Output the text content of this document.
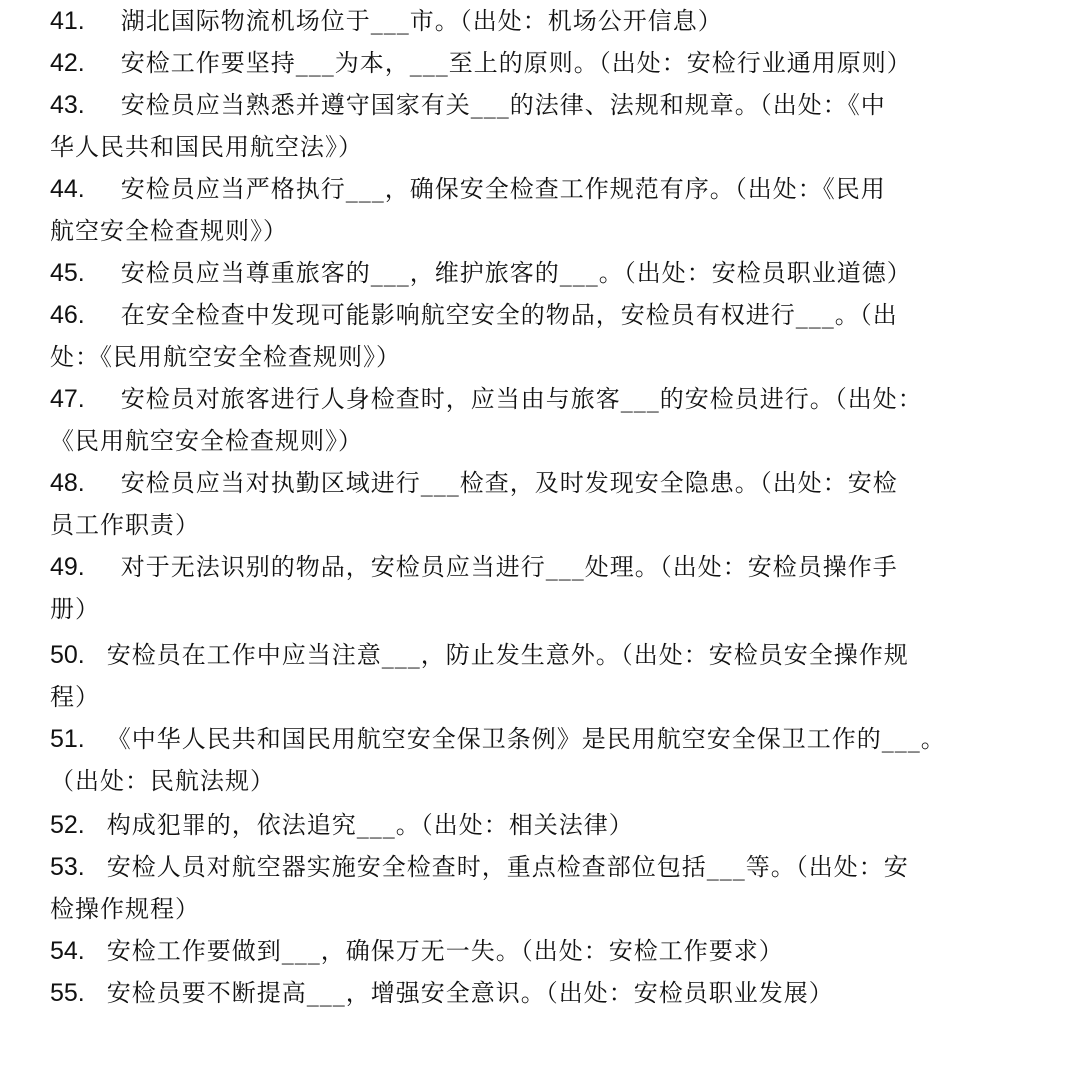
41. 湖北国际物流机场位于___市。（出处：机场公开信息）
42. 安检工作要坚持___为本，___至上的原则。（出处：安检行业通用原则）
43. 安检员应当熟悉并遵守国家有关___的法律、法规和规章。（出处：《中
华人民共和国民用航空法》）
44. 安检员应当严格执行___，确保安全检查工作规范有序。（出处：《民用
航空安全检查规则》）
45. 安检员应当尊重旅客的___，维护旅客的___。（出处：安检员职业道德）
46. 在安全检查中发现可能影响航空安全的物品，安检员有权进行___。（出
处：《民用航空安全检查规则》）
47. 安检员对旅客进行人身检查时，应当由与旅客___的安检员进行。（出处：
《民用航空安全检查规则》）
48. 安检员应当对执勤区域进行___检查，及时发现安全隐患。（出处：安检
员工作职责）
49. 对于无法识别的物品，安检员应当进行___处理。（出处：安检员操作手
册）
50. 安检员在工作中应当注意___，防止发生意外。（出处：安检员安全操作规
程）
51. 《中华人民共和国民用航空安全保卫条例》是民用航空安全保卫工作的___。
（出处：民航法规）
52. 构成犯罪的，依法追究___。（出处：相关法律）
53. 安检人员对航空器实施安全检查时，重点检查部位包括___等。（出处：安
检操作规程）
54. 安检工作要做到___，确保万无一失。（出处：安检工作要求）
55. 安检员要不断提高___，增强安全意识。（出处：安检员职业发展）
